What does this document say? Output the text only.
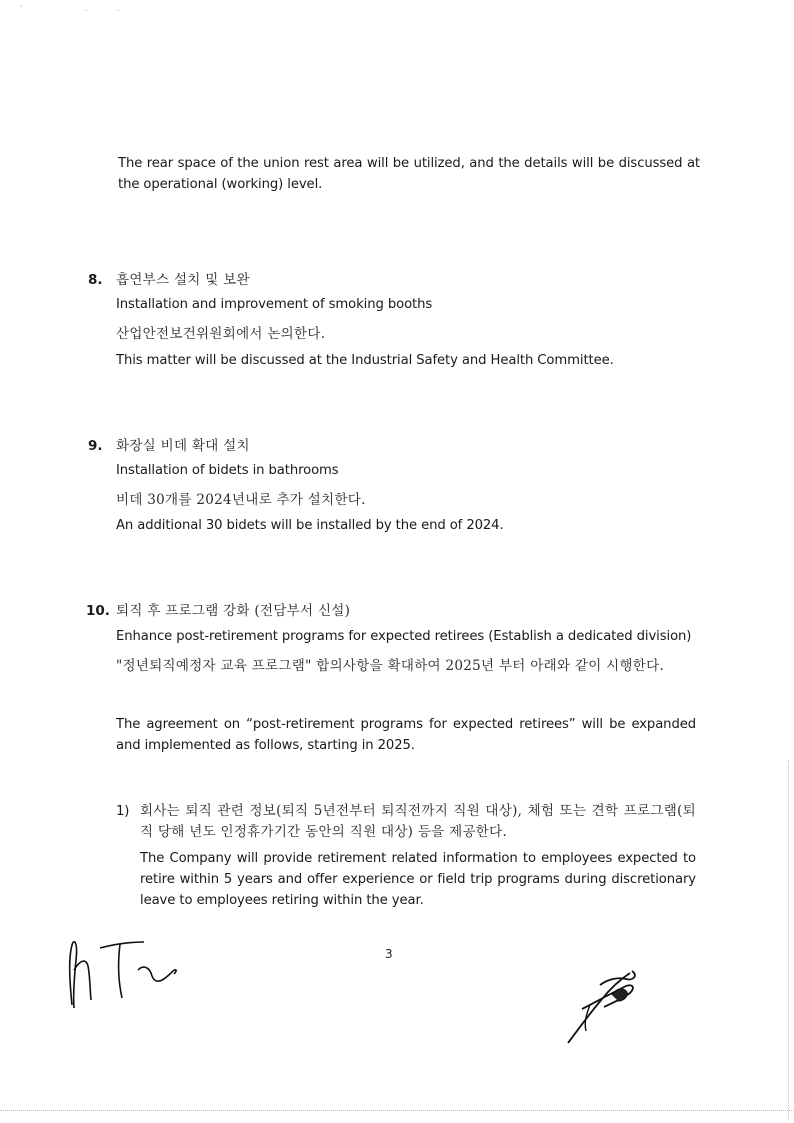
' ..
The rear space of the union rest area will be utilized, and the details will be discussed at the operational (working) level.
8. 흡연부스 설치 및 보완
Installation and improvement of smoking booths
산업안전보건위원회에서 논의한다.
This matter will be discussed at the Industrial Safety and Health Committee.
9. 화장실 비데 확대 설치
Installation of bidets in bathrooms
비데 30개를 2024년내로 추가 설치한다.
An additional 30 bidets will be installed by the end of 2024.
10. 퇴직 후 프로그램 강화 (전담부서 신설)
Enhance post-retirement programs for expected retirees (Establish a dedicated division)
"정년퇴직예정자 교육 프로그램" 합의사항을 확대하여 2025년 부터 아래와 같이 시행한다.
The agreement on “post-retirement programs for expected retirees” will be expanded and implemented as follows, starting in 2025.
1) 회사는 퇴직 관련 정보(퇴직 5년전부터 퇴직전까지 직원 대상), 체험 또는 견학 프로그램(퇴직 당해 년도 인정휴가기간 동안의 직원 대상) 등을 제공한다.
The Company will provide retirement related information to employees expected to retire within 5 years and offer experience or field trip programs during discretionary leave to employees retiring within the year.
3
